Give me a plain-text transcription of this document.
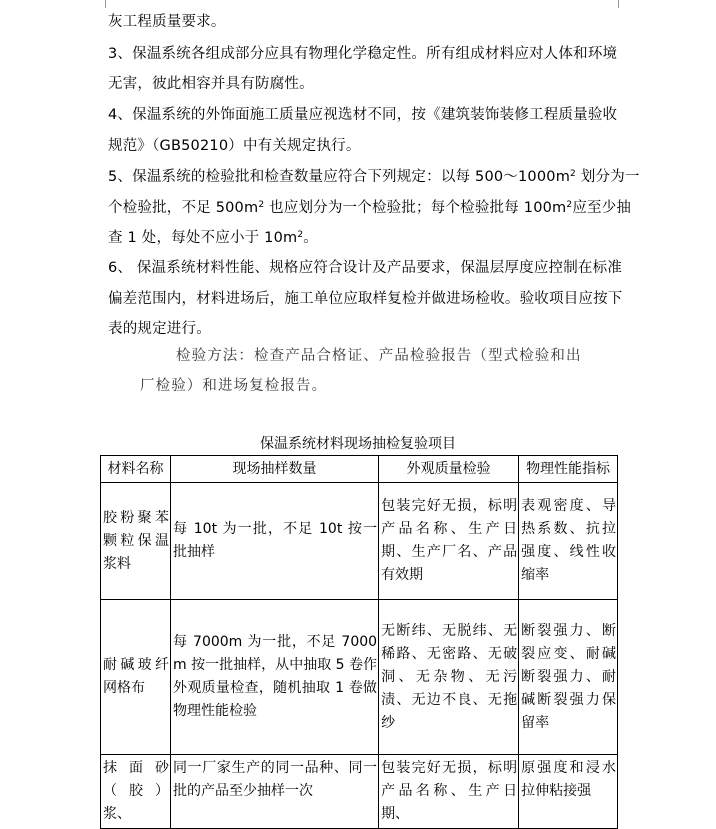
灰工程质量要求。
3、保温系统各组成部分应具有物理化学稳定性。所有组成材料应对人体和环境
无害，彼此相容并具有防腐性。
4、保温系统的外饰面施工质量应视选材不同，按《建筑装饰装修工程质量验收
规范》（GB50210）中有关规定执行。
5、保温系统的检验批和检查数量应符合下列规定：以每 $500\sim 1000m^2$ 划分为一
个检验批，不足 $500m^2$ 也应划分为一个检验批；每个检验批每 $100m^2$应至少抽
查 1 处，每处不应小于 $10m^2$。
6、 保温系统材料性能、规格应符合设计及产品要求，保温层厚度应控制在标准
偏差范围内，材料进场后，施工单位应取样复检并做进场检收。验收项目应按下
表的规定进行。
检验方法：检查产品合格证、产品检验报告（型式检验和出
厂检验）和进场复检报告。
保温系统材料现场抽检复验项目
材料名称	现场抽样数量	外观质量检验	物理性能指标
胶粉聚苯颗粒保温浆料	每 10t 为一批，不足 10t 按一批抽样	包装完好无损，标明产品名称、生产日期、生产厂名、产品有效期	表观密度、导热系数、抗拉强度、线性收缩率
耐碱玻纤网格布	每 7000m 为一批，不足 7000m 按一批抽样，从中抽取 5 卷作外观质量检查，随机抽取 1 卷做物理性能检验	无断纬、无脱纬、无稀路、无密路、无破洞、无杂物、无污渍、无边不良、无拖纱	断裂强力、断裂应变、耐碱断裂强力、耐碱断裂强力保留率
抹面砂（胶）浆、	同一厂家生产的同一品种、同一批的产品至少抽样一次	包装完好无损，标明产品名称、生产日期、	原强度和浸水拉伸粘接强
